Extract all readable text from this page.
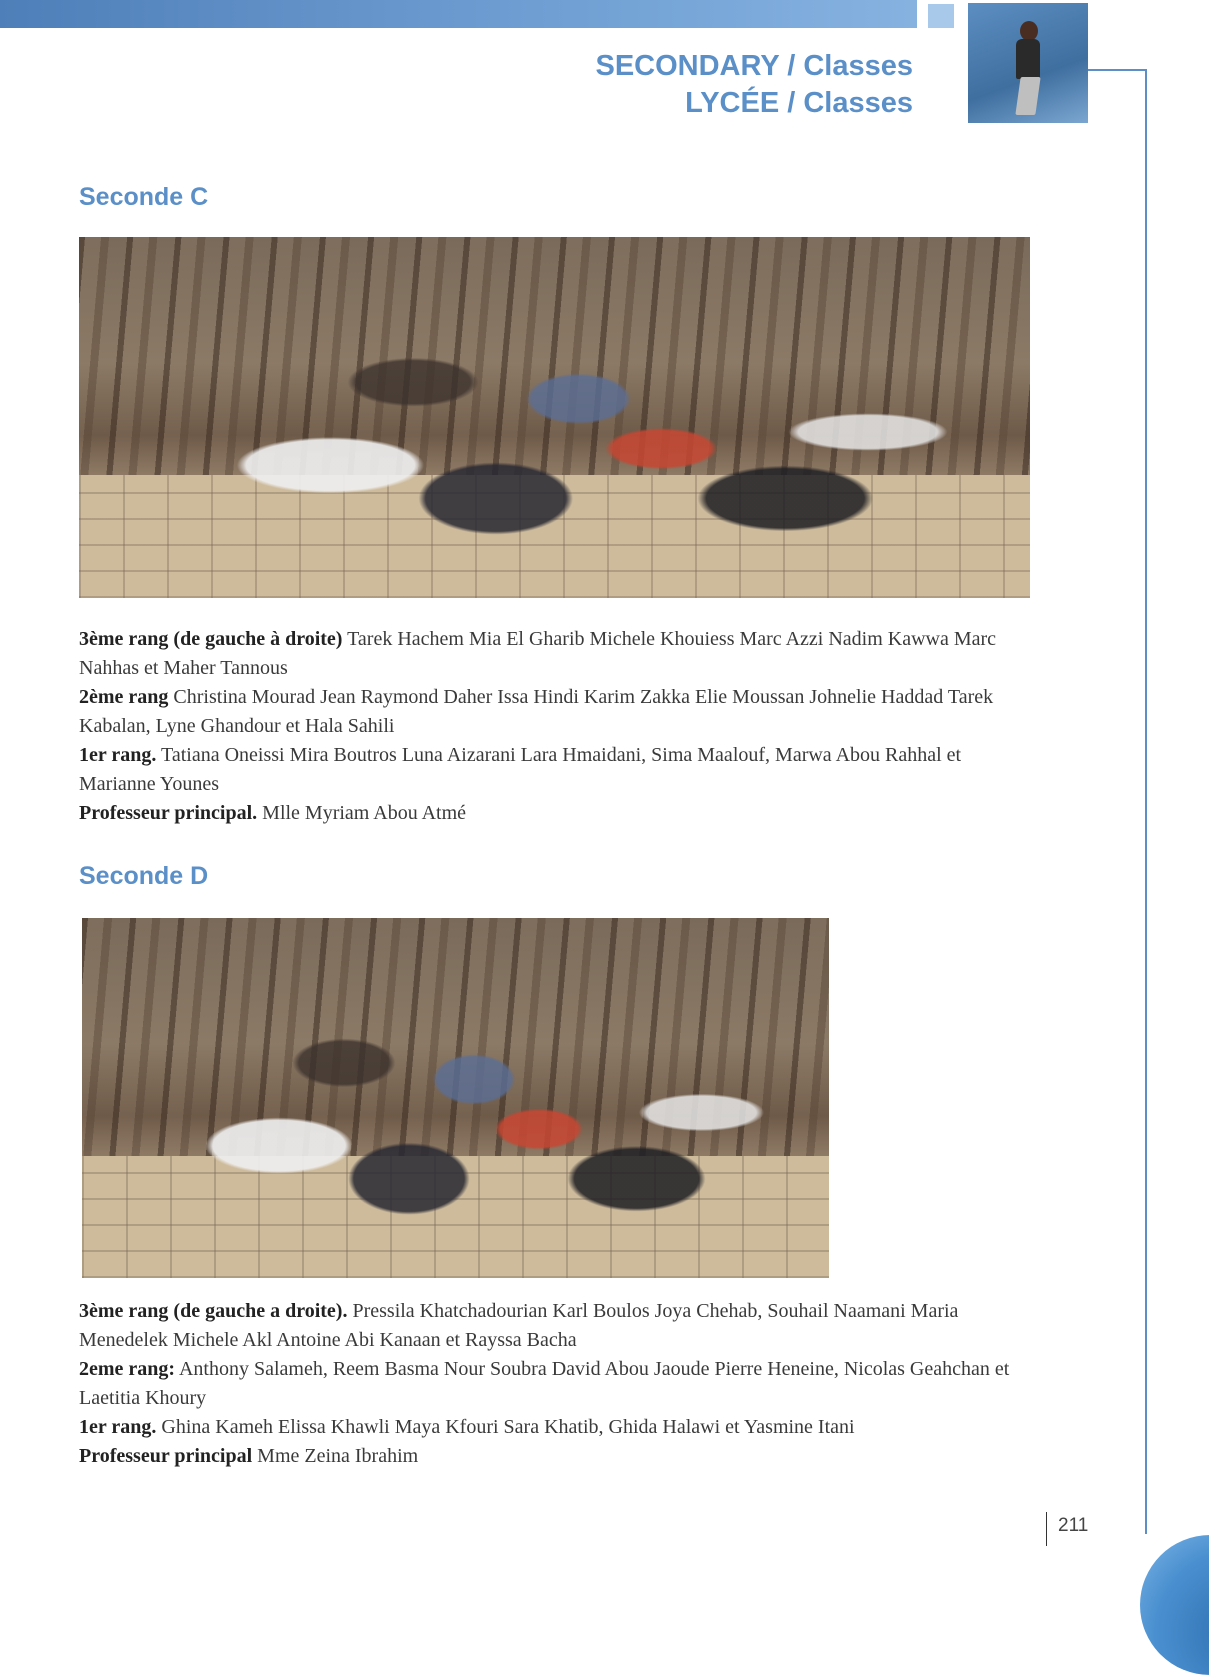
SECONDARY / Classes
LYCÉE / Classes
Seconde C

3ème rang (de gauche à droite) Tarek Hachem Mia El Gharib Michele Khouiess Marc Azzi Nadim Kawwa Marc Nahhas et Maher Tannous

2ème rang Christina Mourad Jean Raymond Daher Issa Hindi Karim Zakka Elie Moussan Johnelie Haddad Tarek Kabalan, Lyne Ghandour et Hala Sahili

1er rang. Tatiana Oneissi Mira Boutros Luna Aizarani Lara Hmaidani, Sima Maalouf, Marwa Abou Rahhal et Marianne Younes

Professeur principal. Mlle Myriam Abou Atmé

Seconde D

3ème rang (de gauche a droite). Pressila Khatchadourian Karl Boulos Joya Chehab, Souhail Naamani Maria Menedelek Michele Akl Antoine Abi Kanaan et Rayssa Bacha

2eme rang: Anthony Salameh, Reem Basma Nour Soubra David Abou Jaoude Pierre Heneine, Nicolas Geahchan et Laetitia Khoury

1er rang. Ghina Kameh Elissa Khawli Maya Kfouri Sara Khatib, Ghida Halawi et Yasmine Itani

Professeur principal Mme Zeina Ibrahim

211
